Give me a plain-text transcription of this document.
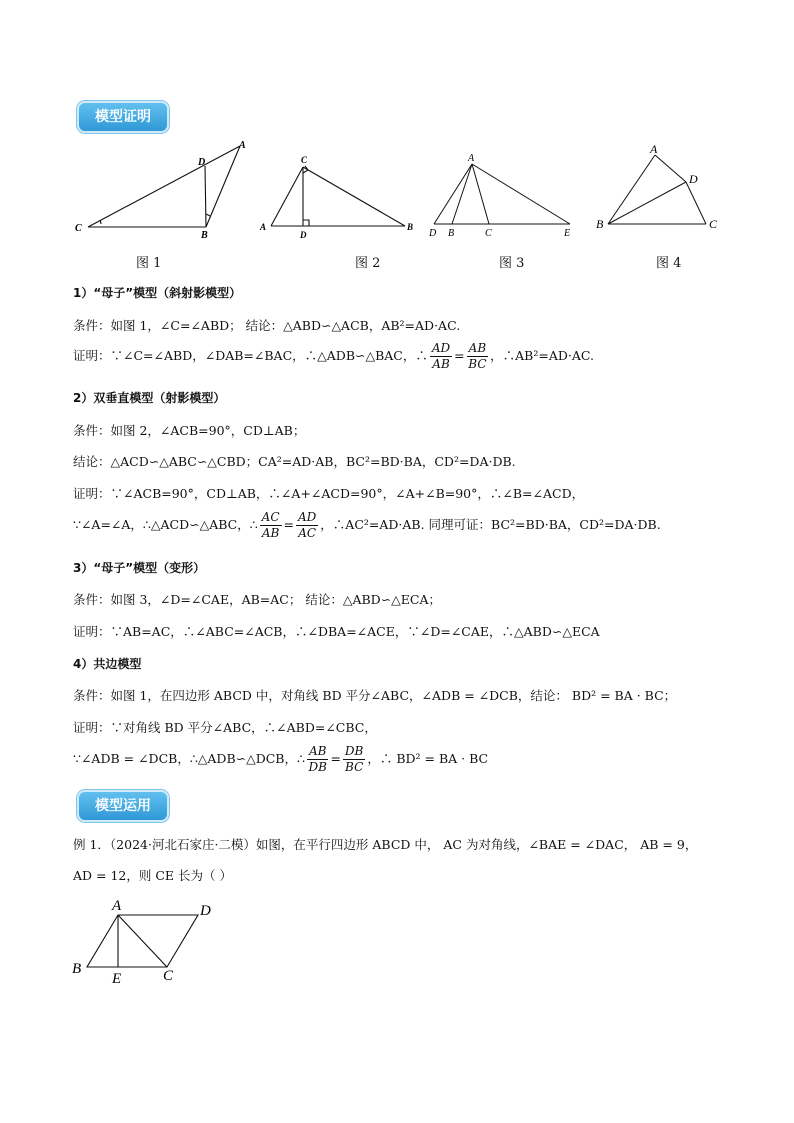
模型证明
D
A
C
B
C
A
D
B
A
D B	C	E
A
D
B	C
图 1	图 2	图 3	图 4
1）“母子”模型（斜射影模型）
条件：如图 1，∠C=∠ABD； 结论：△ABD∽△ACB，AB²=AD·AC.
证明：∵∠C=∠ABD，∠DAB=∠BAC，∴△ADB∽△BAC，∴ $\frac{AD}{AB} = \frac{AB}{BC}$ ，∴AB²=AD·AC.
2）双垂直模型（射影模型）
条件：如图 2，∠ACB=90°，CD⊥AB；
结论：△ACD∽△ABC∽△CBD；CA²=AD·AB，BC²=BD·BA，CD²=DA·DB.
证明：∵∠ACB=90°，CD⊥AB，∴∠A+∠ACD=90°，∠A+∠B=90°，∴∠B=∠ACD，
∵∠A=∠A，∴△ACD∽△ABC，∴ $\frac{AC}{AB} = \frac{AD}{AC}$ ，∴AC²=AD·AB. 同理可证：BC²=BD·BA，CD²=DA·DB.
3）“母子”模型（变形）
条件：如图 3，∠D=∠CAE，AB=AC； 结论：△ABD∽△ECA；
证明：∵AB=AC，∴∠ABC=∠ACB，∴∠DBA=∠ACE，∵∠D=∠CAE，∴△ABD∽△ECA
4）共边模型
条件：如图 1，在四边形 ABCD 中，对角线 BD 平分∠ABC，∠ADB = ∠DCB，结论： BD² = BA · BC；
证明：∵对角线 BD 平分∠ABC，∴∠ABD=∠CBC，
∵∠ADB = ∠DCB，∴△ADB∽△DCB，∴ $\frac{AB}{DB} = \frac{DB}{BC}$ ，∴ BD² = BA · BC
模型运用
例 1．（2024·河北石家庄·二模）如图，在平行四边形 ABCD 中， AC 为对角线，∠BAE = ∠DAC， AB = 9，
AD = 12，则 CE 长为（ ）
A	D
B
E	C
